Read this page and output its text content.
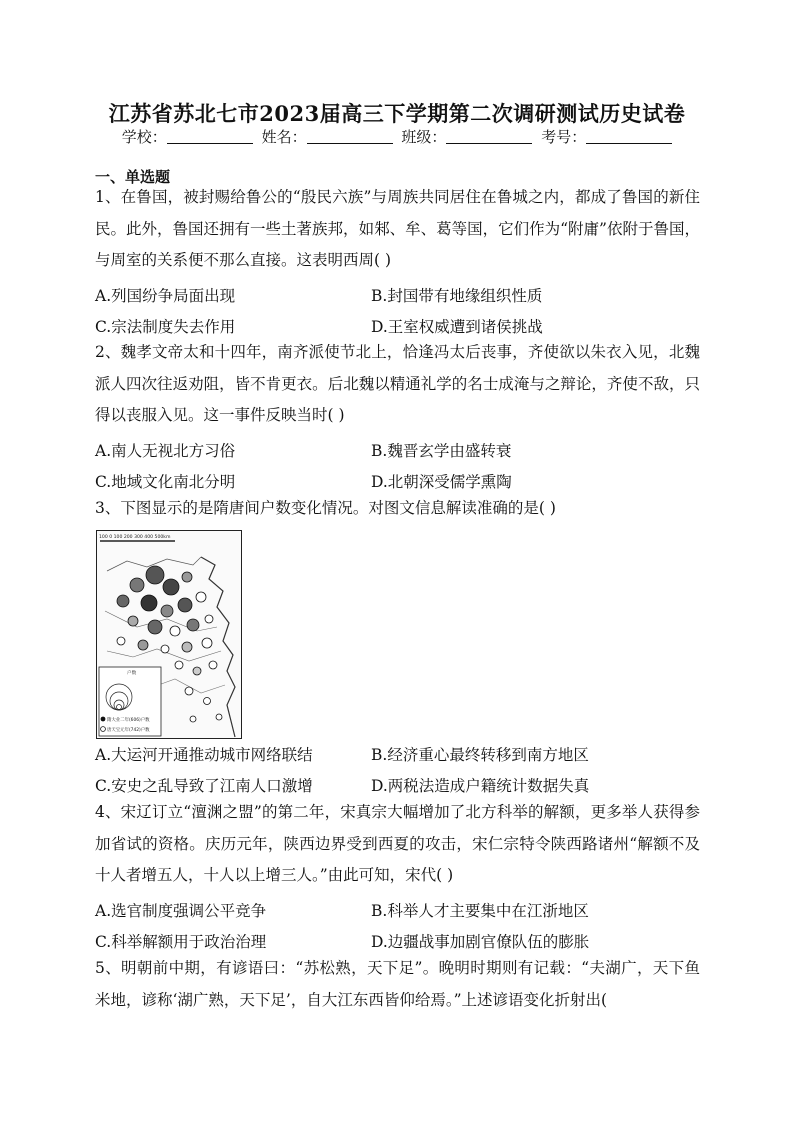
江苏省苏北七市2023届高三下学期第二次调研测试历史试卷
学校：	姓名：	班级：	考号：
一、单选题
1、在鲁国，被封赐给鲁公的“殷民六族”与周族共同居住在鲁城之内，都成了鲁国的新住民。此外，鲁国还拥有一些土著族邦，如邾、牟、葛等国，它们作为“附庸”依附于鲁国，与周室的关系便不那么直接。这表明西周( )
A.列国纷争局面出现	B.封国带有地缘组织性质
C.宗法制度失去作用	D.王室权威遭到诸侯挑战
2、魏孝文帝太和十四年，南齐派使节北上，恰逢冯太后丧事，齐使欲以朱衣入见，北魏派人四次往返劝阻，皆不肯更衣。后北魏以精通礼学的名士成淹与之辩论，齐使不敌，只得以丧服入见。这一事件反映当时( )
A.南人无视北方习俗	B.魏晋玄学由盛转衰
C.地域文化南北分明	D.北朝深受儒学熏陶
3、下图显示的是隋唐间户数变化情况。对图文信息解读准确的是( )
100 0 100 200 300 400 500km
户数
隋大业二年(606)户数
唐天宝元年(742)户数
A.大运河开通推动城市网络联结	B.经济重心最终转移到南方地区
C.安史之乱导致了江南人口激增	D.两税法造成户籍统计数据失真
4、宋辽订立“澶渊之盟”的第二年，宋真宗大幅增加了北方科举的解额，更多举人获得参加省试的资格。庆历元年，陕西边界受到西夏的攻击，宋仁宗特令陕西路诸州“解额不及十人者增五人，十人以上增三人。”由此可知，宋代( )
A.选官制度强调公平竞争	B.科举人才主要集中在江浙地区
C.科举解额用于政治治理	D.边疆战事加剧官僚队伍的膨胀
5、明朝前中期，有谚语曰：“苏松熟，天下足”。晚明时期则有记载：“夫湖广，天下鱼米地，谚称‘湖广熟，天下足’，自大江东西皆仰给焉。”上述谚语变化折射出(
